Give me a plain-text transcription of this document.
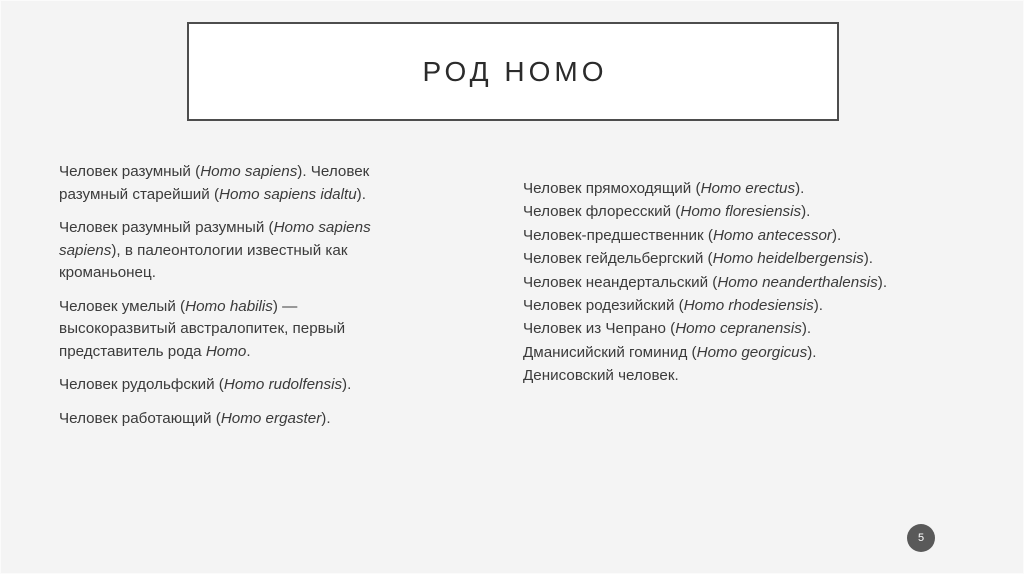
РОД HOMO

Человек разумный (Homo sapiens). Человек разумный старейший (Homo sapiens idaltu).

Человек разумный разумный (Homo sapiens sapiens), в палеонтологии известный как кроманьонец.

Человек умелый (Homo habilis) — высокоразвитый австралопитек, первый представитель рода Homo.

Человек рудольфский (Homo rudolfensis).

Человек работающий (Homo ergaster).

Человек прямоходящий (Homo erectus).

Человек флоресский (Homo floresiensis).

Человек-предшественник (Homo antecessor).

Человек гейдельбергский (Homo heidelbergensis).

Человек неандертальский (Homo neanderthalensis).

Человек родезийский (Homo rhodesiensis).

Человек из Чепрано (Homo cepranensis).

Дманисийский гоминид (Homo georgicus).

Денисовский человек.

5
